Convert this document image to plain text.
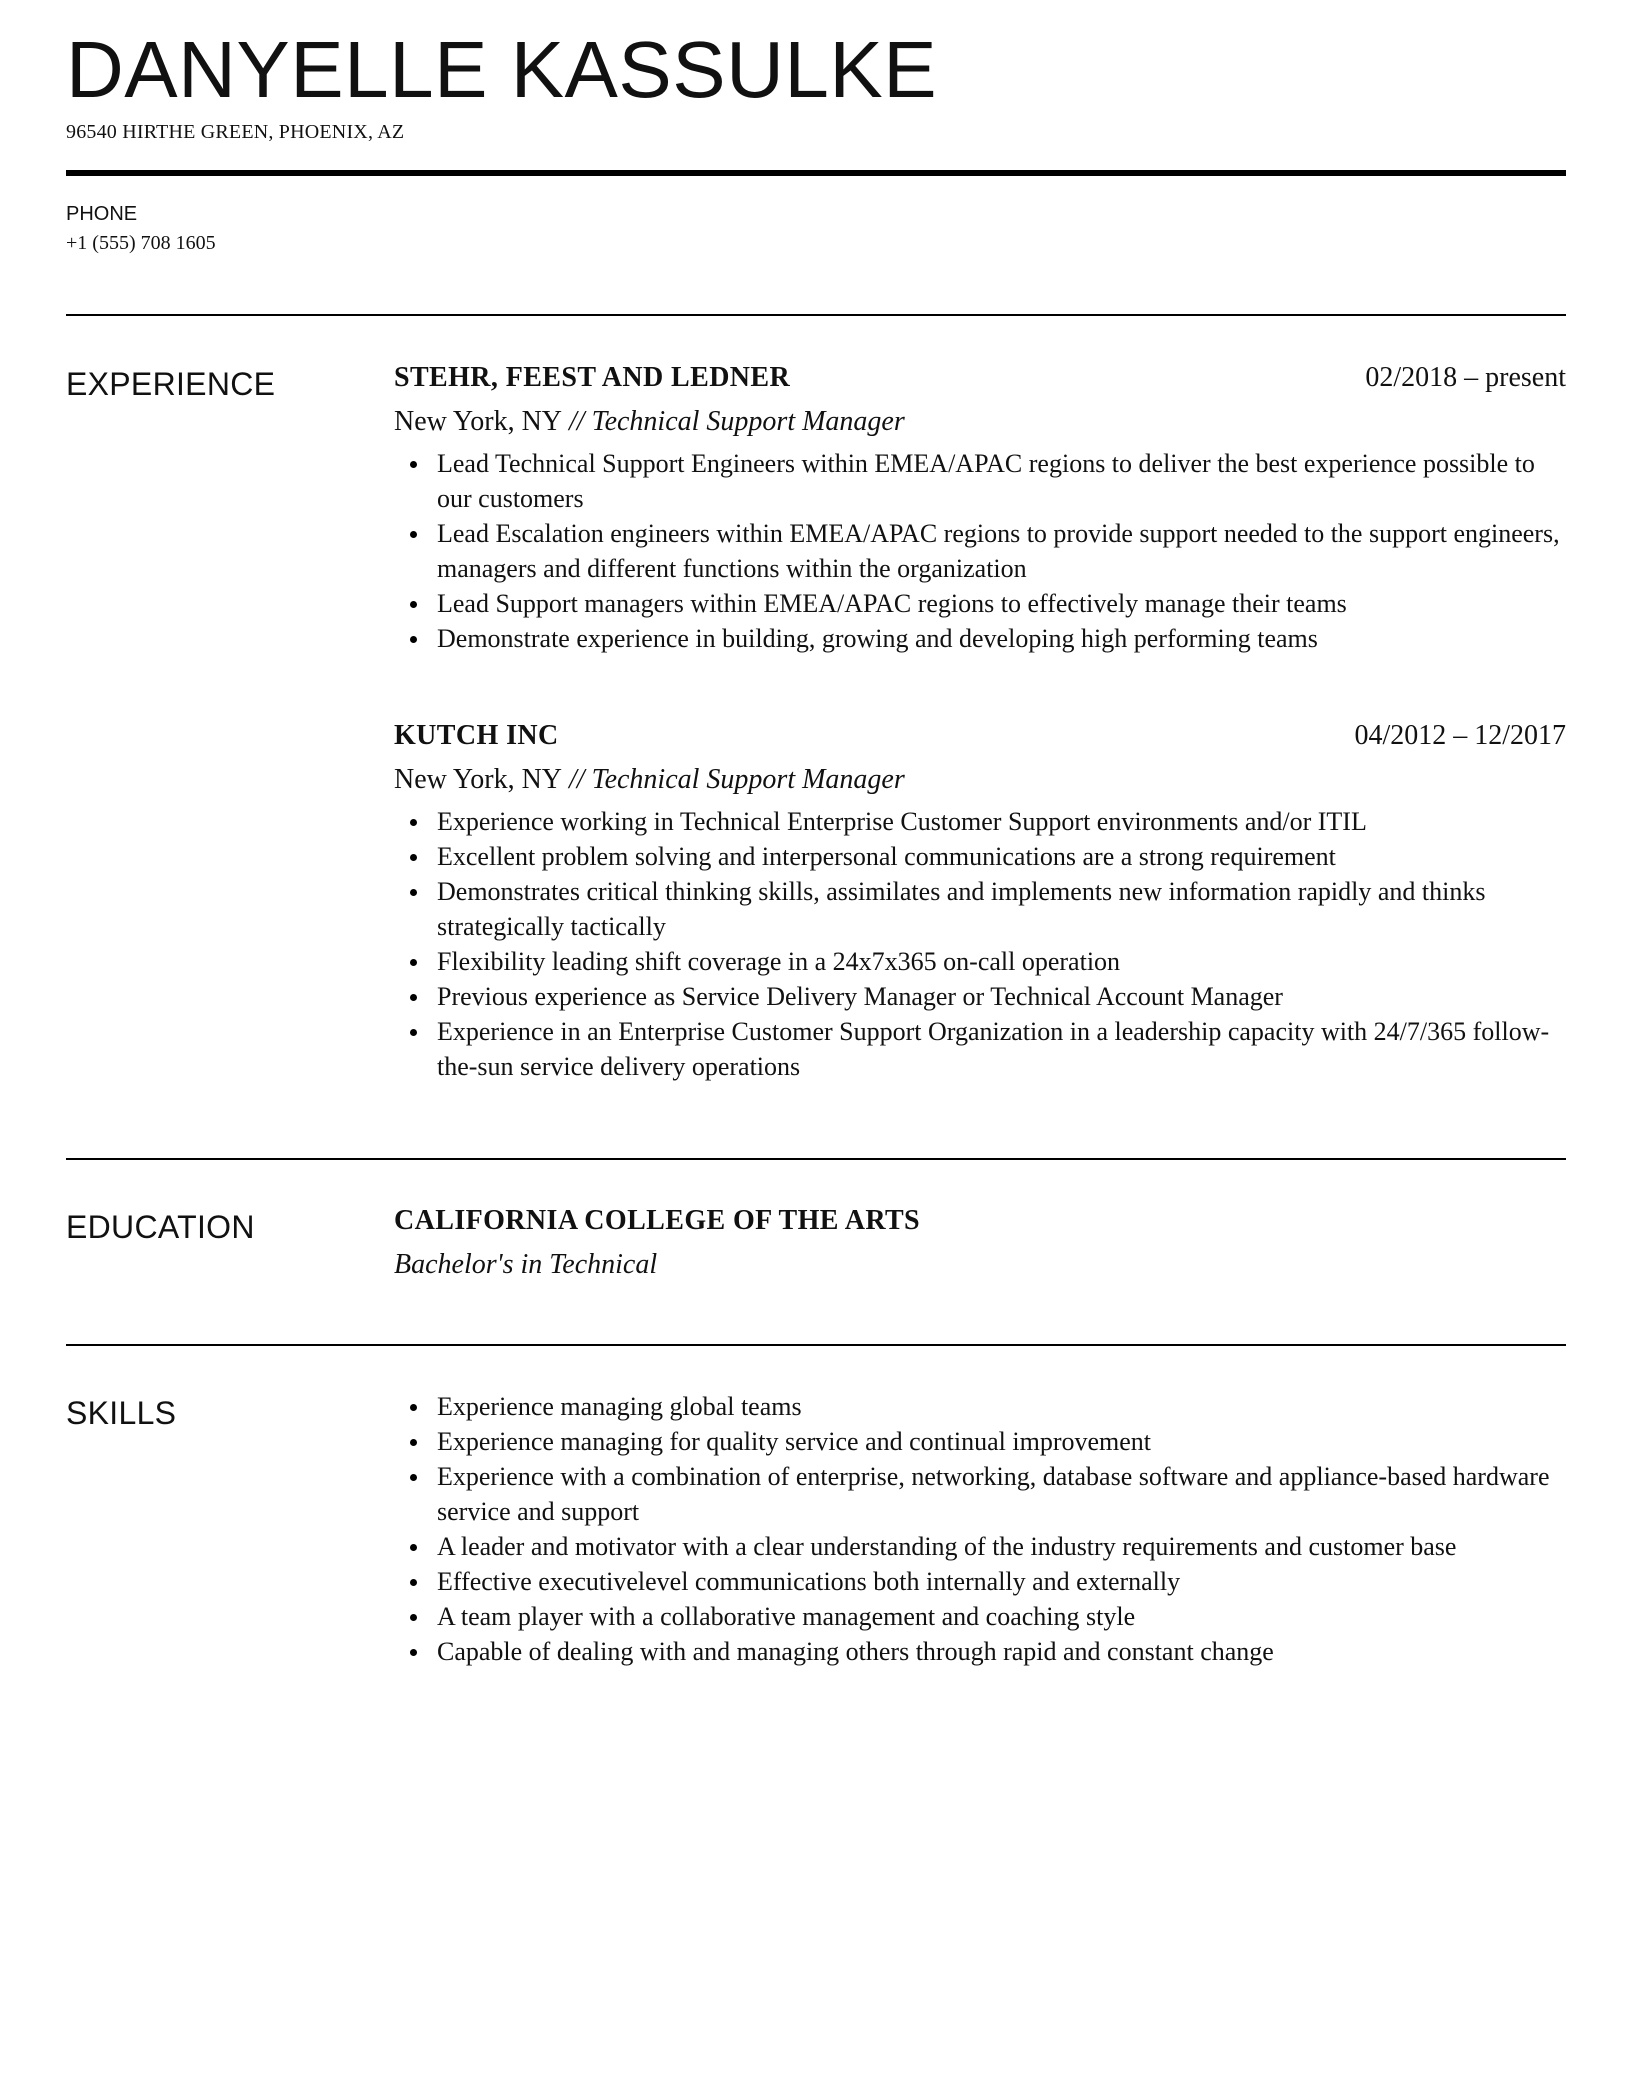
DANYELLE KASSULKE
96540 HIRTHE GREEN, PHOENIX, AZ
PHONE
+1 (555) 708 1605
EXPERIENCE	STEHR, FEEST AND LEDNER	02/2018 – present
New York, NY // Technical Support Manager
Lead Technical Support Engineers within EMEA/APAC regions to deliver the best experience possible to our customers
Lead Escalation engineers within EMEA/APAC regions to provide support needed to the support engineers, managers and different functions within the organization
Lead Support managers within EMEA/APAC regions to effectively manage their teams
Demonstrate experience in building, growing and developing high performing teams
KUTCH INC	04/2012 – 12/2017
New York, NY // Technical Support Manager
Experience working in Technical Enterprise Customer Support environments and/or ITIL
Excellent problem solving and interpersonal communications are a strong requirement
Demonstrates critical thinking skills, assimilates and implements new information rapidly and thinks strategically tactically
Flexibility leading shift coverage in a 24x7x365 on-call operation
Previous experience as Service Delivery Manager or Technical Account Manager
Experience in an Enterprise Customer Support Organization in a leadership capacity with 24/7/365 follow-the-sun service delivery operations
EDUCATION	CALIFORNIA COLLEGE OF THE ARTS
Bachelor's in Technical
SKILLS	Experience managing global teams
Experience managing for quality service and continual improvement
Experience with a combination of enterprise, networking, database software and appliance-based hardware service and support
A leader and motivator with a clear understanding of the industry requirements and customer base
Effective executivelevel communications both internally and externally
A team player with a collaborative management and coaching style
Capable of dealing with and managing others through rapid and constant change
